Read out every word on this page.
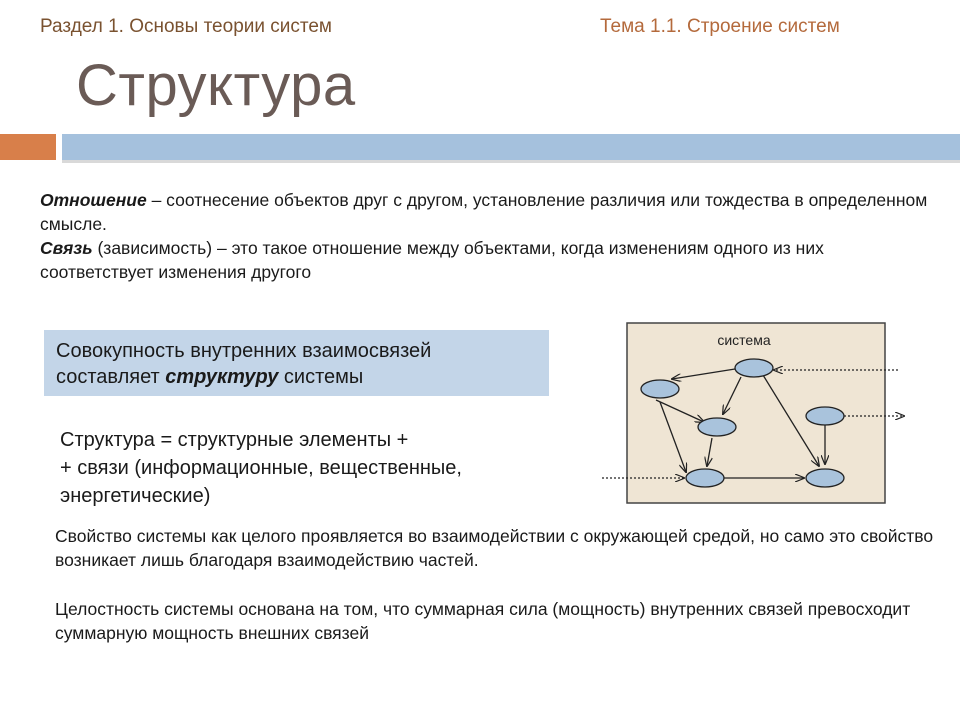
Раздел 1. Основы теории систем	Тема 1.1. Строение систем
Структура

Отношение – соотнесение объектов друг с другом, установление различия или тождества в определенном смысле.

Связь (зависимость) – это такое отношение между объектами, когда изменениям одного из них соответствует изменения другого

Совокупность внутренних взаимосвязей
составляет структуру системы
Структура = структурные элементы +
+ связи (информационные, вещественные,
энергетические)

Свойство системы как целого проявляется во взаимодействии с окружающей средой, но само это свойство возникает лишь благодаря взаимодействию частей.

Целостность системы основана на том, что суммарная сила (мощность) внутренних связей превосходит суммарную мощность внешних связей

система
